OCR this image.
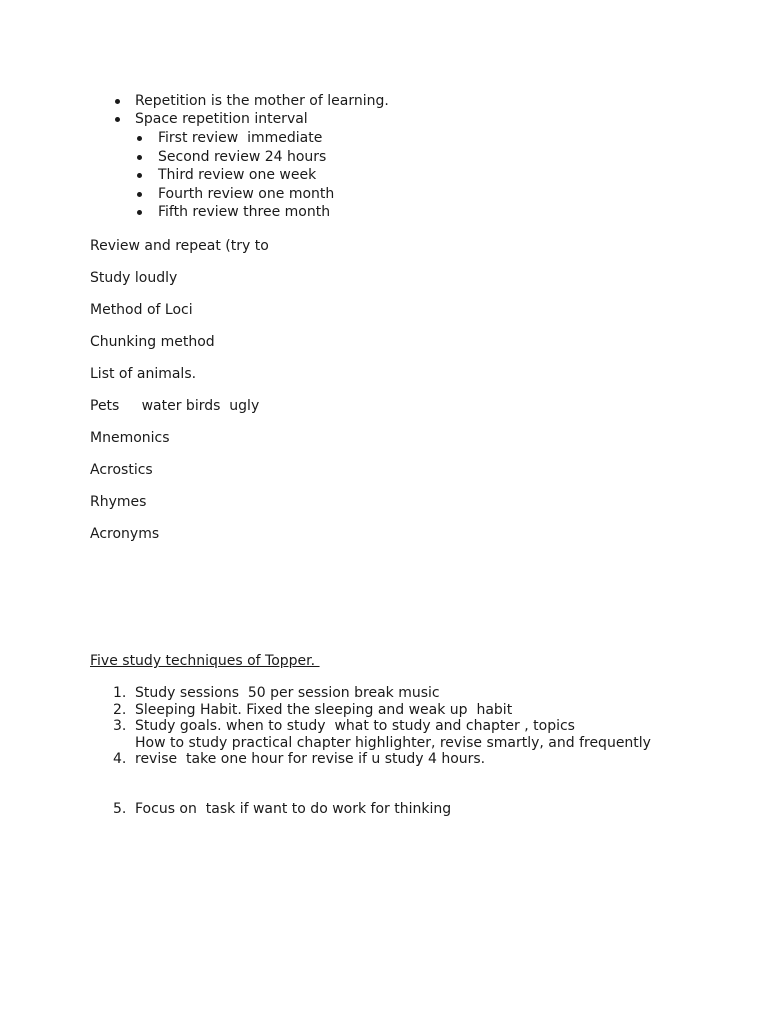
Repetition is the mother of learning.
Space repetition interval
First review  immediate
Second review 24 hours
Third review one week
Fourth review one month
Fifth review three month
Review and repeat (try to
Study loudly
Method of Loci
Chunking method
List of animals.
Pets     water birds  ugly
Mnemonics
Acrostics
Rhymes
Acronyms
Five study techniques of Topper.
1. Study sessions  50 per session break music
2. Sleeping Habit. Fixed the sleeping and weak up  habit
3. Study goals. when to study  what to study and chapter , topics
How to study practical chapter highlighter, revise smartly, and frequently
4. revise  take one hour for revise if u study 4 hours.
5. Focus on  task if want to do work for thinking
